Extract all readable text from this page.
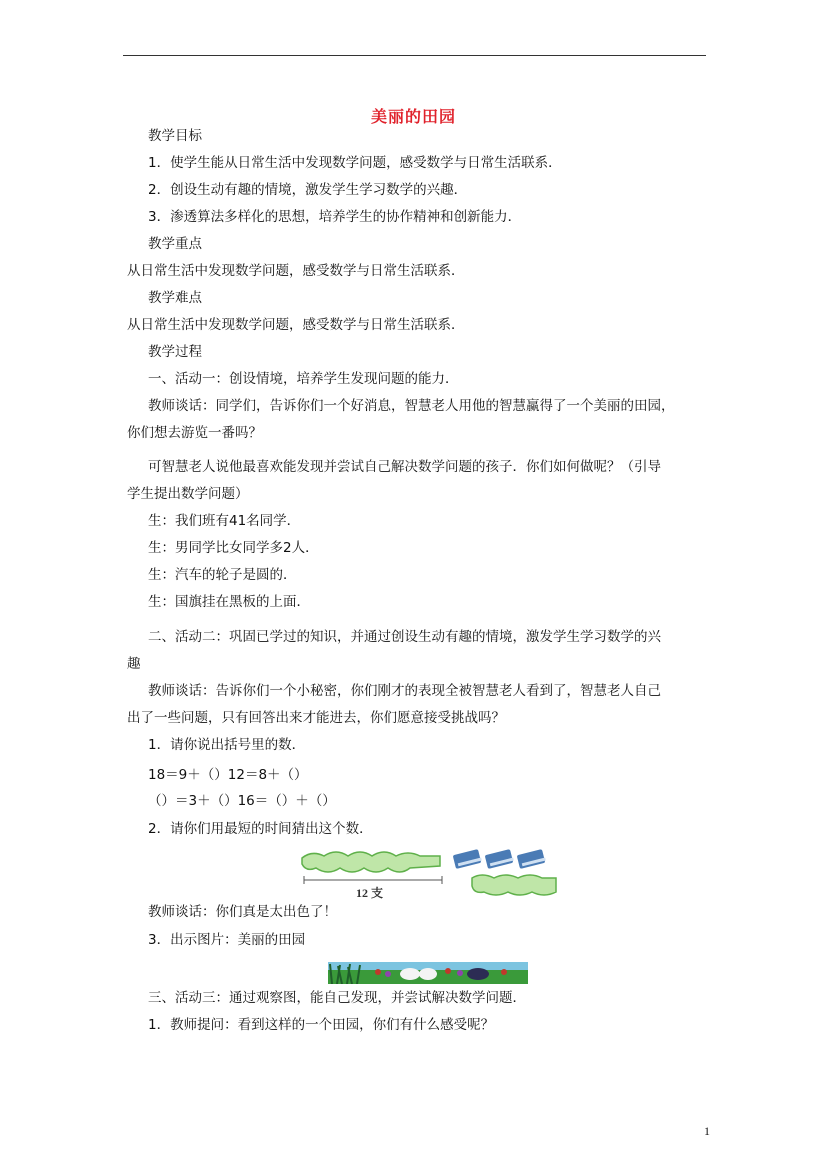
美丽的田园
教学目标
1．使学生能从日常生活中发现数学问题，感受数学与日常生活联系．
2．创设生动有趣的情境，激发学生学习数学的兴趣．
3．渗透算法多样化的思想，培养学生的协作精神和创新能力．
教学重点
从日常生活中发现数学问题，感受数学与日常生活联系．
教学难点
从日常生活中发现数学问题，感受数学与日常生活联系．
教学过程
一、活动一：创设情境，培养学生发现问题的能力．
教师谈话：同学们，告诉你们一个好消息，智慧老人用他的智慧赢得了一个美丽的田园，
你们想去游览一番吗？
可智慧老人说他最喜欢能发现并尝试自己解决数学问题的孩子．你们如何做呢？（引导
学生提出数学问题）
生：我们班有41名同学．
生：男同学比女同学多2人．
生：汽车的轮子是圆的．
生：国旗挂在黑板的上面．
二、活动二：巩固已学过的知识，并通过创设生动有趣的情境，激发学生学习数学的兴
趣
教师谈话：告诉你们一个小秘密，你们刚才的表现全被智慧老人看到了，智慧老人自己
出了一些问题，只有回答出来才能进去，你们愿意接受挑战吗？
1．请你说出括号里的数．
18＝9＋（）12＝8＋（）
（）＝3＋（）16＝（）＋（）
2．请你们用最短的时间猜出这个数．
教师谈话：你们真是太出色了！
3．出示图片：美丽的田园
三、活动三：通过观察图，能自己发现，并尝试解决数学问题．
1．教师提问：看到这样的一个田园，你们有什么感受呢？
12 支
1
